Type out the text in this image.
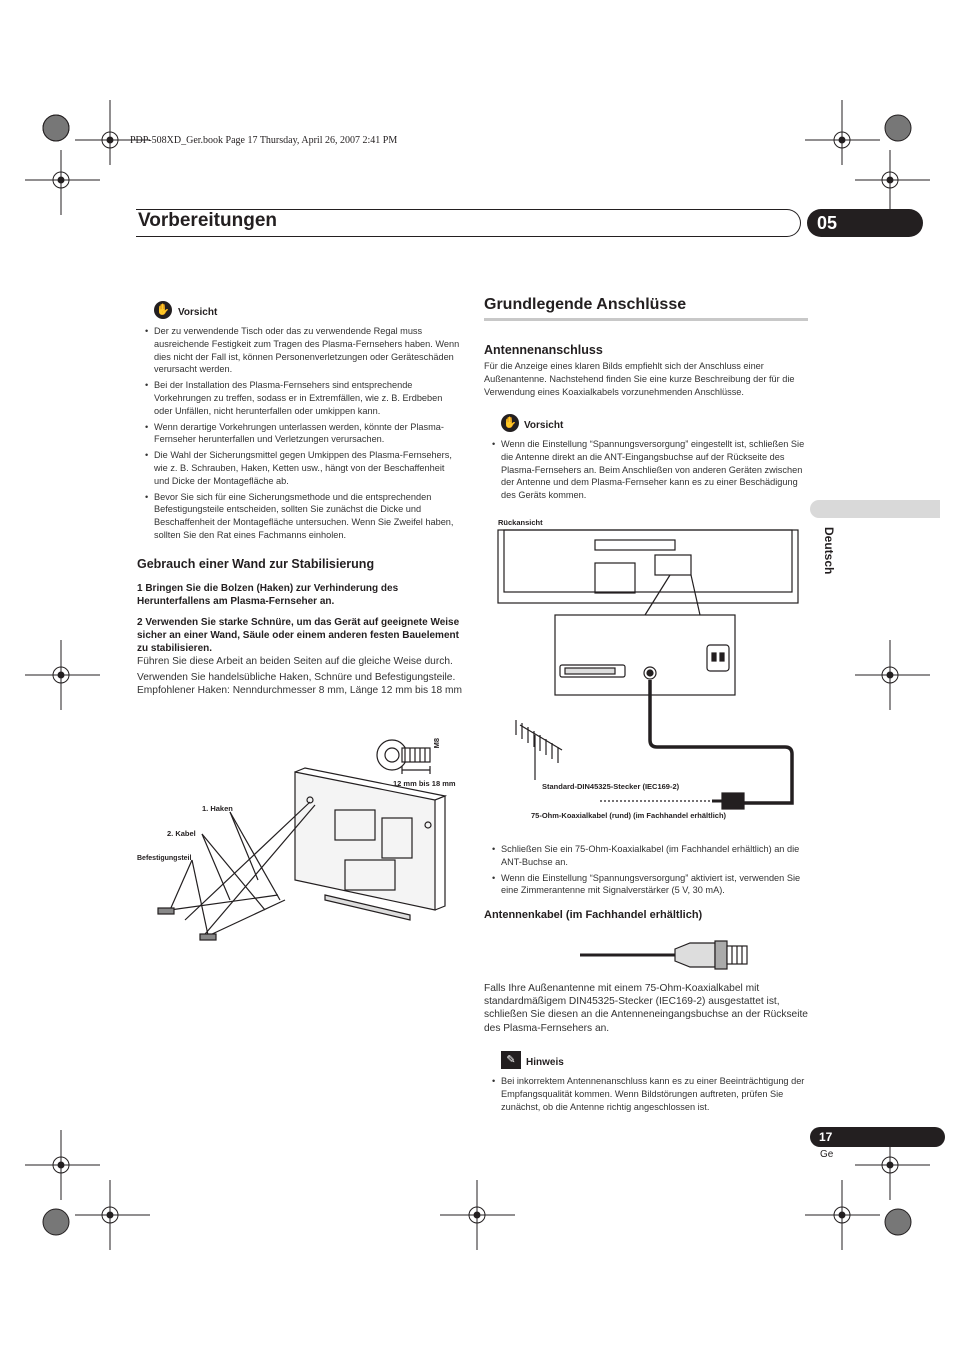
PDP-508XD_Ger.book Page 17 Thursday, April 26, 2007 2:41 PM
Vorbereitungen	05
Deutsch
✋ Vorsicht
• Der zu verwendende Tisch oder das zu verwendende Regal muss ausreichende Festigkeit zum Tragen des Plasma-Fernsehers haben. Wenn dies nicht der Fall ist, können Personenverletzungen oder Geräteschäden verursacht werden.
• Bei der Installation des Plasma-Fernsehers sind entsprechende Vorkehrungen zu treffen, sodass er in Extremfällen, wie z. B. Erdbeben oder Unfällen, nicht herunterfallen oder umkippen kann.
• Wenn derartige Vorkehrungen unterlassen werden, könnte der Plasma-Fernseher herunterfallen und Verletzungen verursachen.
• Die Wahl der Sicherungsmittel gegen Umkippen des Plasma-Fernsehers, wie z. B. Schrauben, Haken, Ketten usw., hängt von der Beschaffenheit und Dicke der Montagefläche ab.
• Bevor Sie sich für eine Sicherungsmethode und die entsprechenden Befestigungsteile entscheiden, sollten Sie zunächst die Dicke und Beschaffenheit der Montagefläche untersuchen. Wenn Sie Zweifel haben, sollten Sie den Rat eines Fachmanns einholen.
Gebrauch einer Wand zur Stabilisierung
1 Bringen Sie die Bolzen (Haken) zur Verhinderung des Herunterfallens am Plasma-Fernseher an.
2 Verwenden Sie starke Schnüre, um das Gerät auf geeignete Weise sicher an einer Wand, Säule oder einem anderen festen Bauelement zu stabilisieren.
Führen Sie diese Arbeit an beiden Seiten auf die gleiche Weise durch.
Verwenden Sie handelsübliche Haken, Schnüre und Befestigungsteile. Empfohlener Haken: Nenndurchmesser 8 mm, Länge 12 mm bis 18 mm
M8
12 mm bis 18 mm
1. Haken
2. Kabel
Befestigungsteil
Grundlegende Anschlüsse
Antennenanschluss
Für die Anzeige eines klaren Bilds empfiehlt sich der Anschluss einer Außenantenne. Nachstehend finden Sie eine kurze Beschreibung der für die Verwendung eines Koaxialkabels vorzunehmenden Anschlüsse.
✋ Vorsicht
• Wenn die Einstellung “Spannungsversorgung” eingestellt ist, schließen Sie die Antenne direkt an die ANT-Eingangsbuchse auf der Rückseite des Plasma-Fernsehers an. Beim Anschließen von anderen Geräten zwischen der Antenne und dem Plasma-Fernseher kann es zu einer Beschädigung des Geräts kommen.
Rückansicht
Standard-DIN45325-Stecker (IEC169-2)
75-Ohm-Koaxialkabel (rund) (im Fachhandel erhältlich)
• Schließen Sie ein 75-Ohm-Koaxialkabel (im Fachhandel erhältlich) an die ANT-Buchse an.
• Wenn die Einstellung “Spannungsversorgung” aktiviert ist, verwenden Sie eine Zimmerantenne mit Signalverstärker (5 V, 30 mA).
Antennenkabel (im Fachhandel erhältlich)
Falls Ihre Außenantenne mit einem 75-Ohm-Koaxialkabel mit standardmäßigem DIN45325-Stecker (IEC169-2) ausgestattet ist, schließen Sie diesen an die Antenneneingangsbuchse an der Rückseite des Plasma-Fernsehers an.
✎	Hinweis
• Bei inkorrektem Antennenanschluss kann es zu einer Beeinträchtigung der Empfangsqualität kommen. Wenn Bildstörungen auftreten, prüfen Sie zunächst, ob die Antenne richtig angeschlossen ist.
17
Ge
